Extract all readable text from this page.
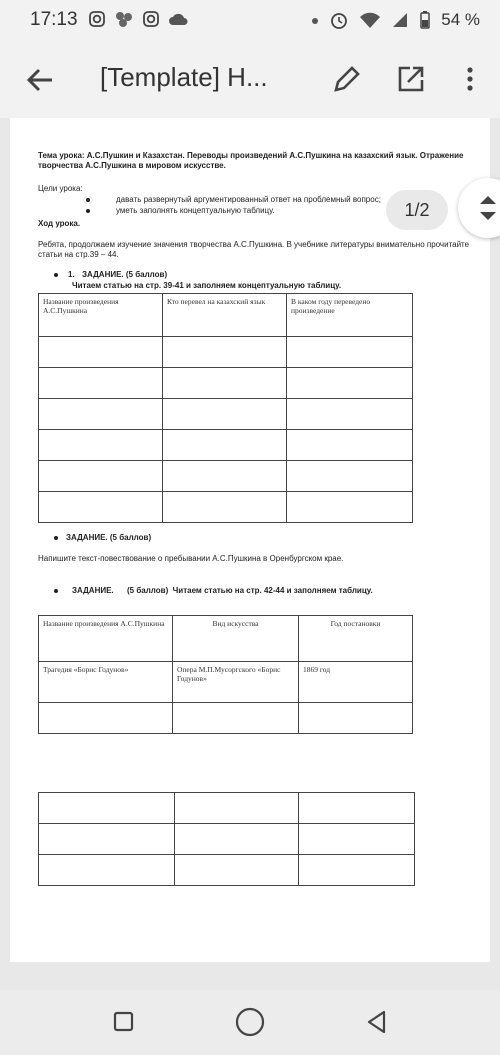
17:13	54 %
[Template] Н...
Тема урока: А.С.Пушкин и Казахстан. Переводы произведений А.С.Пушкина на казахский язык. Отражение творчества А.С.Пушкина в мировом искусстве.
Цели урока:
давать развернутый аргументированный ответ на проблемный вопрос;
уметь заполнять концептуальную таблицу.
Ход урока.
Ребята, продолжаем изучение значения творчества А.С.Пушкина. В учебнике литературы внимательно прочитайте статьи на стр.39 – 44.
1. ЗАДАНИЕ. (5 баллов)
Читаем статью на стр. 39-41 и заполняем концептуальную таблицу.
Название произведения А.С.Пушкина	Кто перевел на казахский язык	В каком году переведено произведение

ЗАДАНИЕ. (5 баллов)
Напишите текст-повествование о пребывании А.С.Пушкина в Оренбургском крае.
ЗАДАНИЕ.      (5 баллов)  Читаем статью на стр. 42-44 и заполняем таблицу.
Название произведения А.С.Пушкина	Вид искусства	Год постановки
Трагедия «Борис Годунов»	Опера М.П.Мусоргского «Борис Годунов»	1869 год

1/2
